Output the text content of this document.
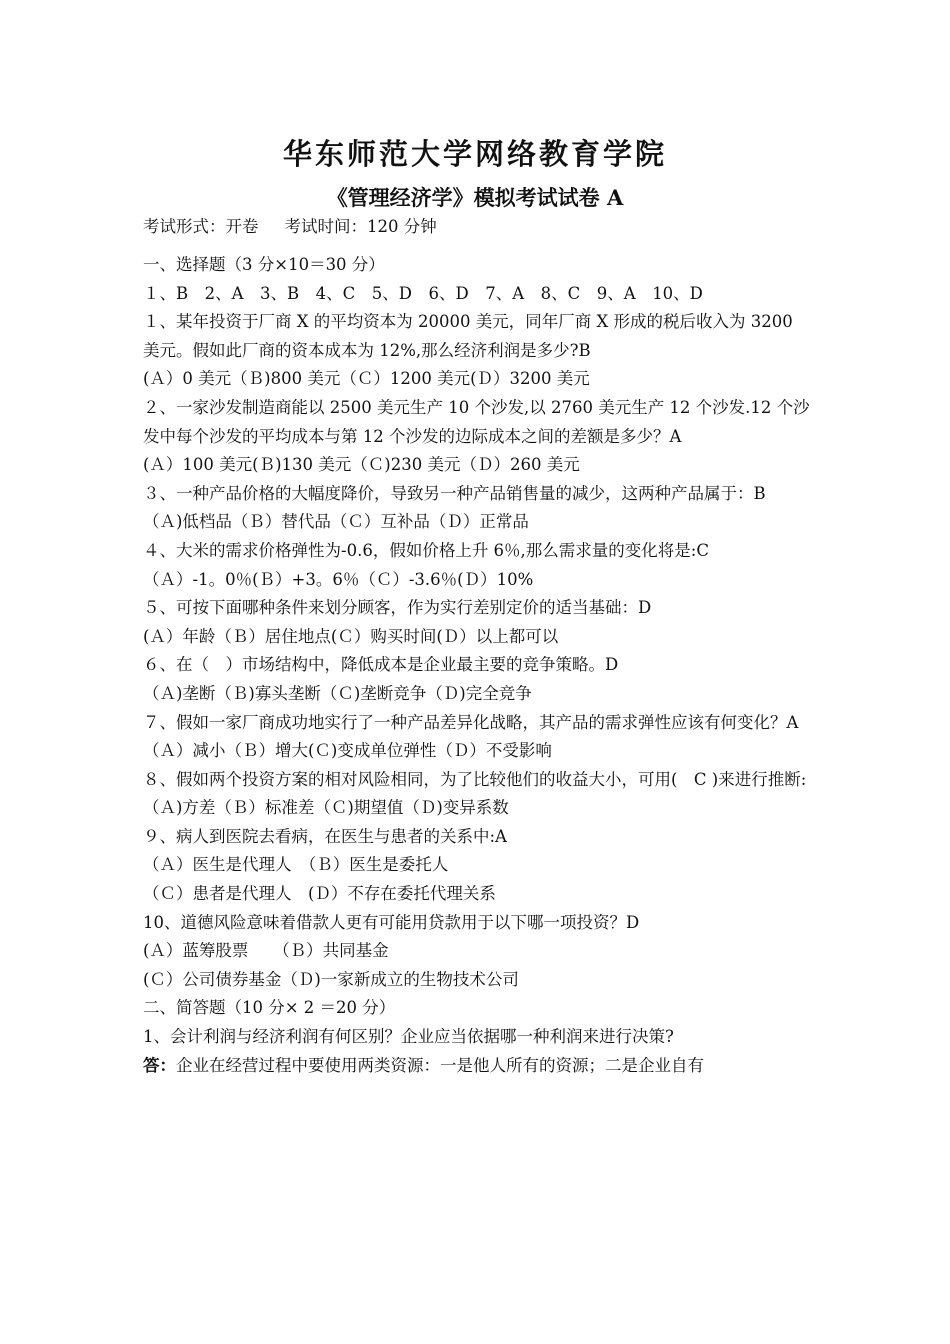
华东师范大学网络教育学院
《管理经济学》模拟考试试卷 A
考试形式：开卷 考试时间：120 分钟
一、选择题（3 分×10＝30 分）
１、B　2、A　3、B　4、C　5、D　6、D　7、A　8、C　9、A　10、D
１、某年投资于厂商 X 的平均资本为 20000 美元，同年厂商 X 形成的税后收入为 3200 美元。假如此厂商的资本成本为 12%,那么经济利润是多少?B
(Ａ）0 美元（Ｂ)800 美元（Ｃ）1200 美元(Ｄ）3200 美元
２、一家沙发制造商能以 2500 美元生产 10 个沙发,以 2760 美元生产 12 个沙发.12 个沙发中每个沙发的平均成本与第 12 个沙发的边际成本之间的差额是多少？A
(Ａ）100 美元(Ｂ)130 美元（Ｃ)230 美元（Ｄ）260 美元
３、一种产品价格的大幅度降价，导致另一种产品销售量的减少，这两种产品属于：B
（Ａ)低档品（Ｂ）替代品（Ｃ）互补品（Ｄ）正常品
４、大米的需求价格弹性为-0.6，假如价格上升 6％,那么需求量的变化将是:C
（Ａ）-1。0％(Ｂ）+3。6％（Ｃ）-3.6％(Ｄ）10%
５、可按下面哪种条件来划分顾客，作为实行差别定价的适当基础：D
(Ａ）年龄（Ｂ）居住地点(Ｃ）购买时间(Ｄ）以上都可以
６、在（　）市场结构中，降低成本是企业最主要的竞争策略。D
（Ａ)垄断（Ｂ)寡头垄断（Ｃ)垄断竞争（Ｄ)完全竞争
７、假如一家厂商成功地实行了一种产品差异化战略，其产品的需求弹性应该有何变化？A
（Ａ）减小（Ｂ）增大(Ｃ)变成单位弹性（Ｄ）不受影响
８、假如两个投资方案的相对风险相同，为了比较他们的收益大小，可用(　C )来进行推断:
（Ａ)方差（Ｂ）标准差（Ｃ)期望值（Ｄ)变异系数
９、病人到医院去看病，在医生与患者的关系中:A
（Ａ）医生是代理人　（Ｂ）医生是委托人
（Ｃ）患者是代理人　(Ｄ）不存在委托代理关系
10、道德风险意味着借款人更有可能用贷款用于以下哪一项投资？D
(Ａ）蓝筹股票　　（Ｂ）共同基金
(Ｃ）公司债券基金（Ｄ)一家新成立的生物技术公司
二、简答题（10 分× 2 ＝20 分）
1、会计利润与经济利润有何区别？企业应当依据哪一种利润来进行决策?
答：企业在经营过程中要使用两类资源：一是他人所有的资源；二是企业自有
